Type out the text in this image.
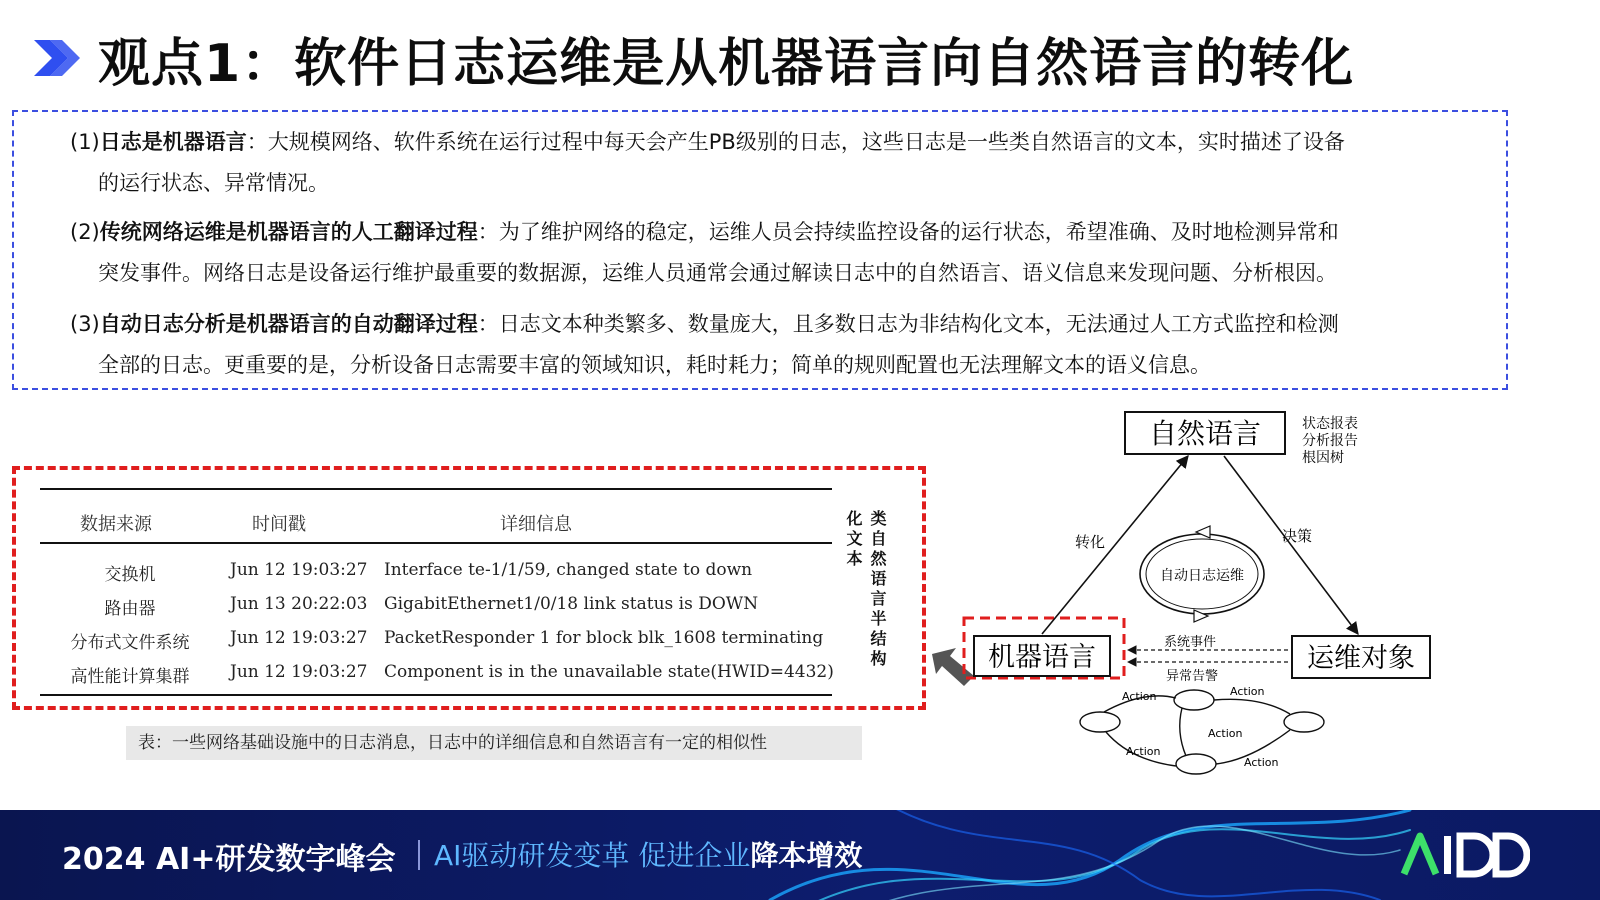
观点1：软件日志运维是从机器语言向自然语言的转化
(1)日志是机器语言：大规模网络、软件系统在运行过程中每天会产生PB级别的日志，这些日志是一些类自然语言的文本，实时描述了设备
的运行状态、异常情况。
(2)传统网络运维是机器语言的人工翻译过程：为了维护网络的稳定，运维人员会持续监控设备的运行状态，希望准确、及时地检测异常和
突发事件。网络日志是设备运行维护最重要的数据源，运维人员通常会通过解读日志中的自然语言、语义信息来发现问题、分析根因。
(3)自动日志分析是机器语言的自动翻译过程：日志文本种类繁多、数量庞大，且多数日志为非结构化文本，无法通过人工方式监控和检测
全部的日志。更重要的是，分析设备日志需要丰富的领域知识，耗时耗力；简单的规则配置也无法理解文本的语义信息。
数据来源	时间戳	详细信息
交换机	Jun 12 19:03:27 Interface te-1/1/59, changed state to down
路由器	Jun 13 20:22:03 GigabitEthernet1/0/18 link status is DOWN
分布式文件系统	Jun 12 19:03:27 PacketResponder 1 for block blk_1608 terminating
高性能计算集群	Jun 12 19:03:27 Component is in the unavailable state(HWID=4432)
类自然语言半结构
化文本
表：一些网络基础设施中的日志消息，日志中的详细信息和自然语言有一定的相似性
自然语言	状态报表
分析报告
根因树
机器语言	运维对象
转化	决策
自动日志运维
系统事件
异常告警
Action	Action
Action
Action
Action
2024 AI+研发数字峰会 AI驱动研发变革 促进企业降本增效
